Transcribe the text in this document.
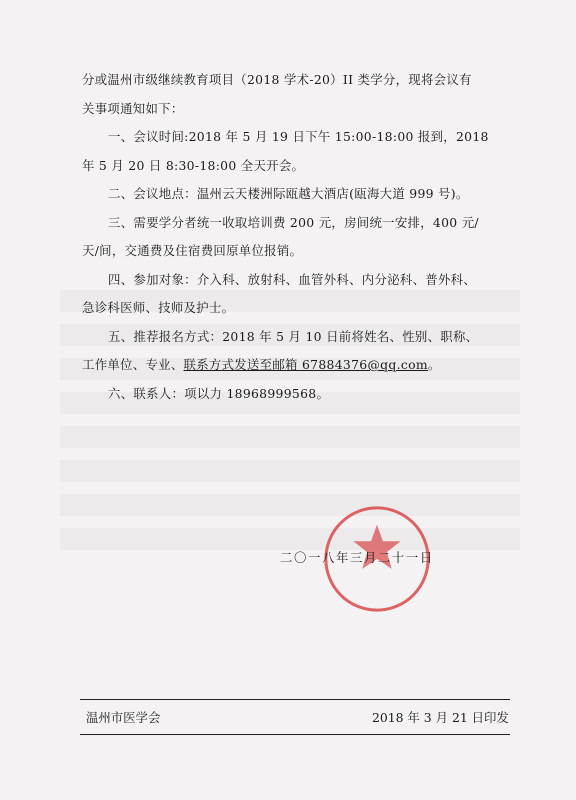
分或温州市级继续教育项目（2018 学术-20）II 类学分，现将会议有
关事项通知如下：
一、会议时间:2018 年 5 月 19 日下午 15:00-18:00 报到，2018
年 5 月 20 日 8:30-18:00 全天开会。
二、会议地点：温州云天楼洲际瓯越大酒店(瓯海大道 999 号)。
三、需要学分者统一收取培训费 200 元，房间统一安排，400 元/
天/间，交通费及住宿费回原单位报销。
四、参加对象：介入科、放射科、血管外科、内分泌科、普外科、
急诊科医师、技师及护士。
五、推荐报名方式：2018 年 5 月 10 日前将姓名、性别、职称、
工作单位、专业、联系方式发送至邮箱 67884376@qq.com。
六、联系人：项以力 18968999568。
二〇一八年三月二十一日
温州市医学会	2018 年 3 月 21 日印发
